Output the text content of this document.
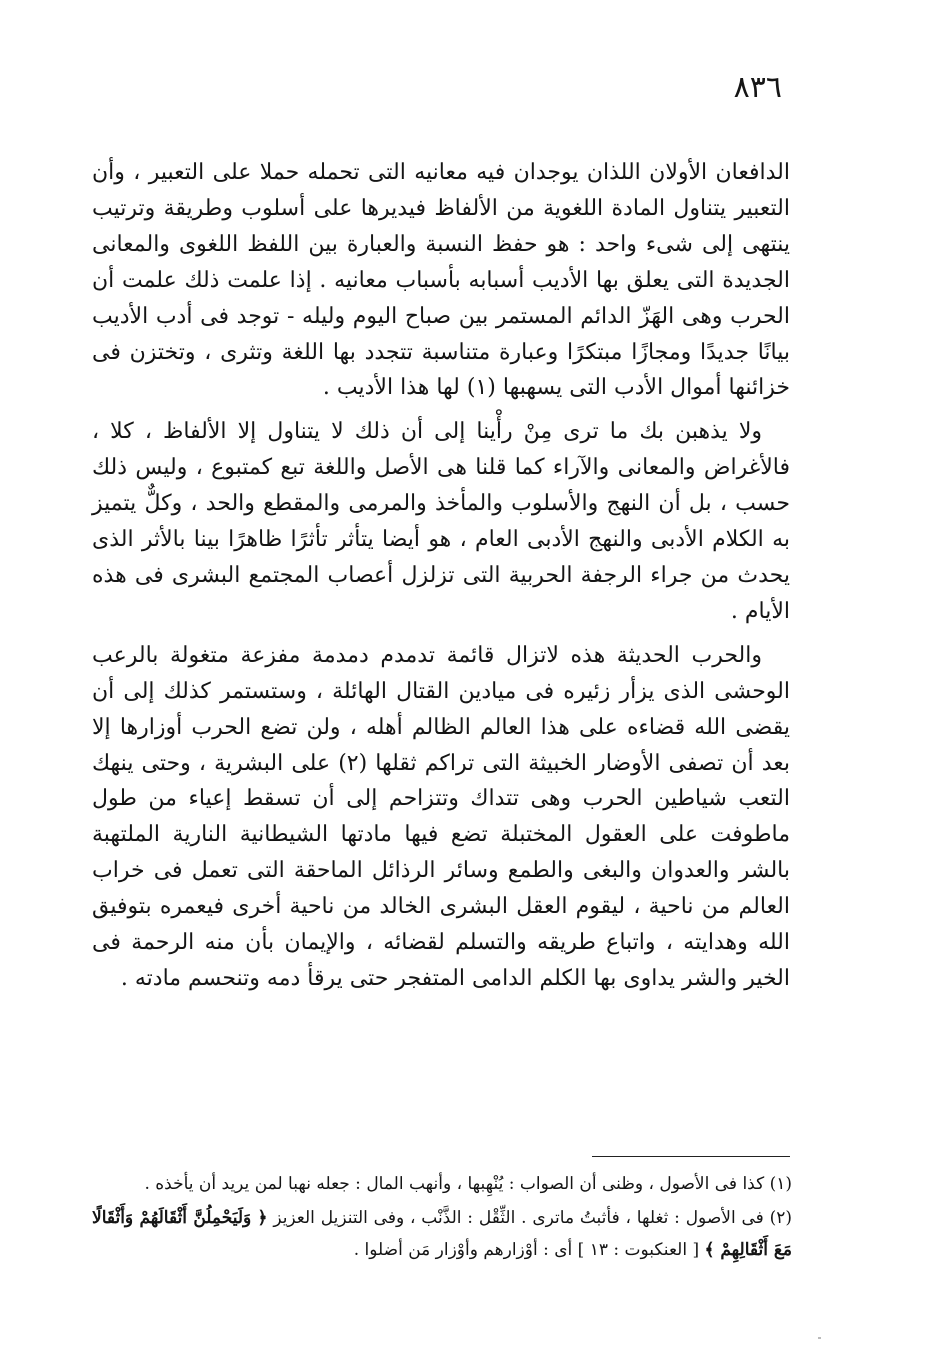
٨٣٦

الدافعان الأولان اللذان يوجدان فيه معانيه التى تحمله حملا على التعبير ، وأن التعبير يتناول المادة اللغوية من الألفاظ فيديرها على أسلوب وطريقة وترتيب ينتهى إلى شىء واحد : هو حفظ النسبة والعبارة بين اللفظ اللغوى والمعانى الجديدة التى يعلق بها الأديب أسبابه بأسباب معانيه . إذا علمت ذلك علمت أن الحرب وهى الهَزّ الدائم المستمر بين صباح اليوم وليله - توجد فى أدب الأديب بيانًا جديدًا ومجازًا مبتكرًا وعبارة متناسبة تتجدد بها اللغة وتثرى ، وتختزن فى خزائنها أموال الأدب التى يسهبها (١) لها هذا الأديب .

ولا يذهبن بك ما ترى مِنْ رأْينا إلى أن ذلك لا يتناول إلا الألفاظ ، كلا ، فالأغراض والمعانى والآراء كما قلنا هى الأصل واللغة تبع كمتبوع ، وليس ذلك حسب ، بل أن النهج والأسلوب والمأخذ والمرمى والمقطع والحد ، وكلٌّ يتميز به الكلام الأدبى والنهج الأدبى العام ، هو أيضا يتأثر تأثرًا ظاهرًا بينا بالأثر الذى يحدث من جراء الرجفة الحربية التى تزلزل أعصاب المجتمع البشرى فى هذه الأيام .

والحرب الحديثة هذه لاتزال قائمة تدمدم دمدمة مفزعة متغولة بالرعب الوحشى الذى يزأر زئيره فى ميادين القتال الهائلة ، وستستمر كذلك إلى أن يقضى الله قضاءه على هذا العالم الظالم أهله ، ولن تضع الحرب أوزارها إلا بعد أن تصفى الأوضار الخبيثة التى تراكم ثقلها (٢) على البشرية ، وحتى ينهك التعب شياطين الحرب وهى تتداك وتتزاحم إلى أن تسقط إعياء من طول ماطوفت على العقول المختبلة تضع فيها مادتها الشيطانية النارية الملتهبة بالشر والعدوان والبغى والطمع وسائر الرذائل الماحقة التى تعمل فى خراب العالم من ناحية ، ليقوم العقل البشرى الخالد من ناحية أخرى فيعمره بتوفيق الله وهدايته ، واتباع طريقه والتسلم لقضائه ، والإيمان بأن منه الرحمة فى الخير والشر يداوى بها الكلم الدامى المتفجر حتى يرقأ دمه وتنحسم مادته .

(١) كذا فى الأصول ، وظنى أن الصواب : يُنْهِبها ، وأنهب المال : جعله نهبا لمن يريد أن يأخذه .

(٢) فى الأصول : ثغلها ، فأثبتُ ماترى . الثِّقْل : الذَّنْب ، وفى التنزيل العزيز ﴿ وَلَيَحْمِلُنَّ أَثْقَالَهُمْ وَأَثْقَالًا مَعَ أَثْقَالِهِمْ ﴾ [ العنكبوت : ١٣ ] أى : أوْزارهم وأوْزار مَن أضلوا .
